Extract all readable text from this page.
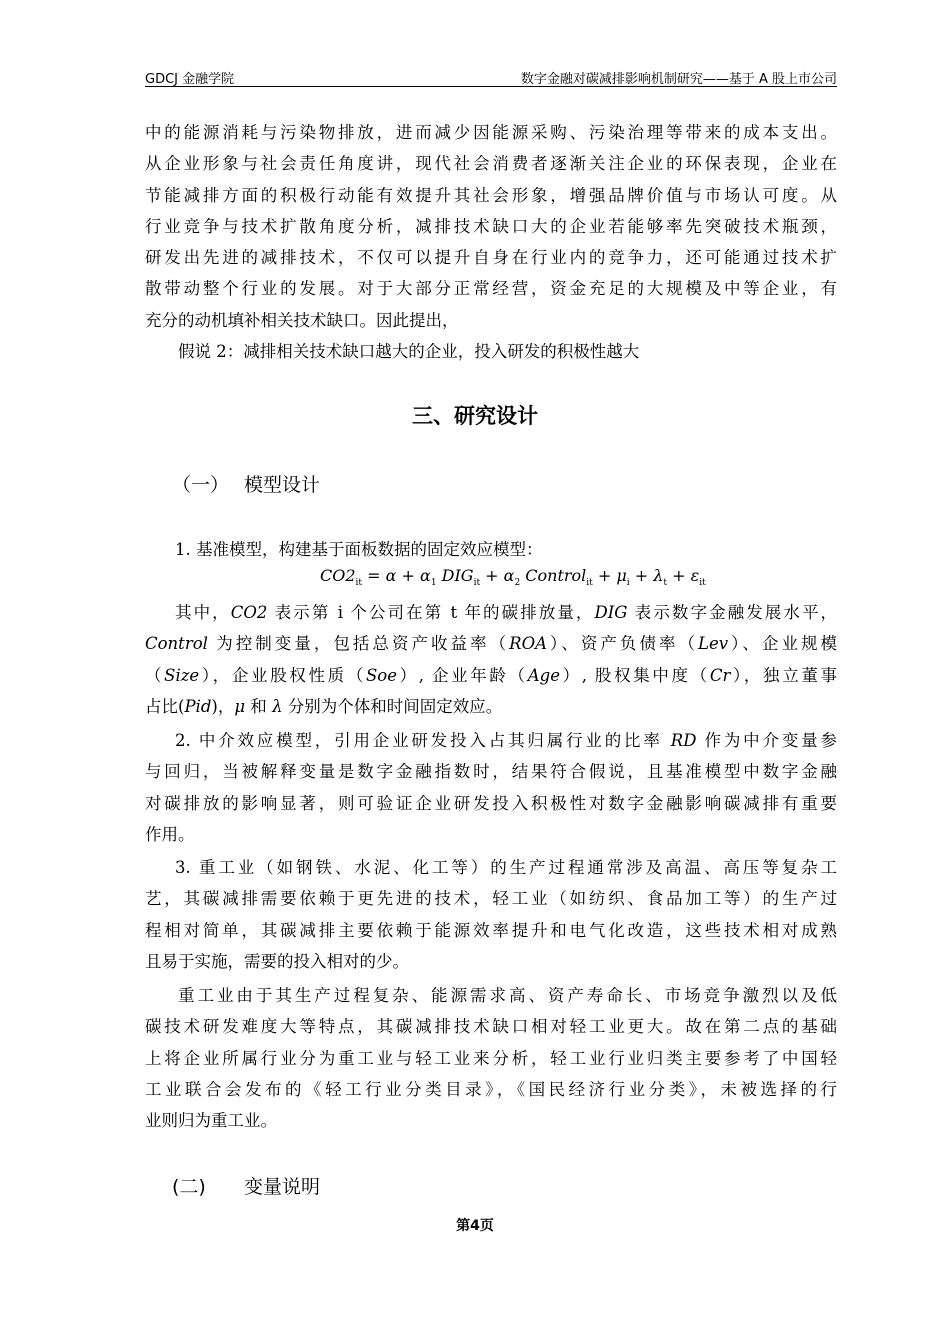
GDCJ 金融学院	数字金融对碳减排影响机制研究——基于 A 股上市公司
中的能源消耗与污染物排放，进而减少因能源采购、污染治理等带来的成本支出。
从企业形象与社会责任角度讲，现代社会消费者逐渐关注企业的环保表现，企业在
节能减排方面的积极行动能有效提升其社会形象，增强品牌价值与市场认可度。从
行业竞争与技术扩散角度分析，减排技术缺口大的企业若能够率先突破技术瓶颈，
研发出先进的减排技术，不仅可以提升自身在行业内的竞争力，还可能通过技术扩
散带动整个行业的发展。对于大部分正常经营，资金充足的大规模及中等企业，有
充分的动机填补相关技术缺口。因此提出，
假说 2：减排相关技术缺口越大的企业，投入研发的积极性越大
三、研究设计
（一） 模型设计
1. 基准模型，构建基于面板数据的固定效应模型：
$CO2_{it} = \alpha + \alpha_1$ $DIG_{it} + \alpha_2$ Control$_{it}$ + $\mu_i + \lambda_t + \varepsilon_{it}$
其中，CO2 表示第 i 个公司在第 t 年的碳排放量，DIG 表示数字金融发展水平，
Control 为控制变量，包括总资产收益率（ROA）、资产负债率（Lev）、企业规模
（Size），企业股权性质（Soe）, 企业年龄（Age）, 股权集中度（Cr），独立董事
占比(Pid)，μ 和 λ 分别为个体和时间固定效应。
2. 中介效应模型，引用企业研发投入占其归属行业的比率 RD 作为中介变量参
与回归，当被解释变量是数字金融指数时，结果符合假说，且基准模型中数字金融
对碳排放的影响显著，则可验证企业研发投入积极性对数字金融影响碳减排有重要
作用。
3. 重工业（如钢铁、水泥、化工等）的生产过程通常涉及高温、高压等复杂工
艺，其碳减排需要依赖于更先进的技术，轻工业（如纺织、食品加工等）的生产过
程相对简单，其碳减排主要依赖于能源效率提升和电气化改造，这些技术相对成熟
且易于实施，需要的投入相对的少。
重工业由于其生产过程复杂、能源需求高、资产寿命长、市场竞争激烈以及低
碳技术研发难度大等特点，其碳减排技术缺口相对轻工业更大。故在第二点的基础
上将企业所属行业分为重工业与轻工业来分析，轻工业行业归类主要参考了中国轻
工业联合会发布的《轻工行业分类目录》，《国民经济行业分类》，未被选择的行
业则归为重工业。
(二) 变量说明
第4页
